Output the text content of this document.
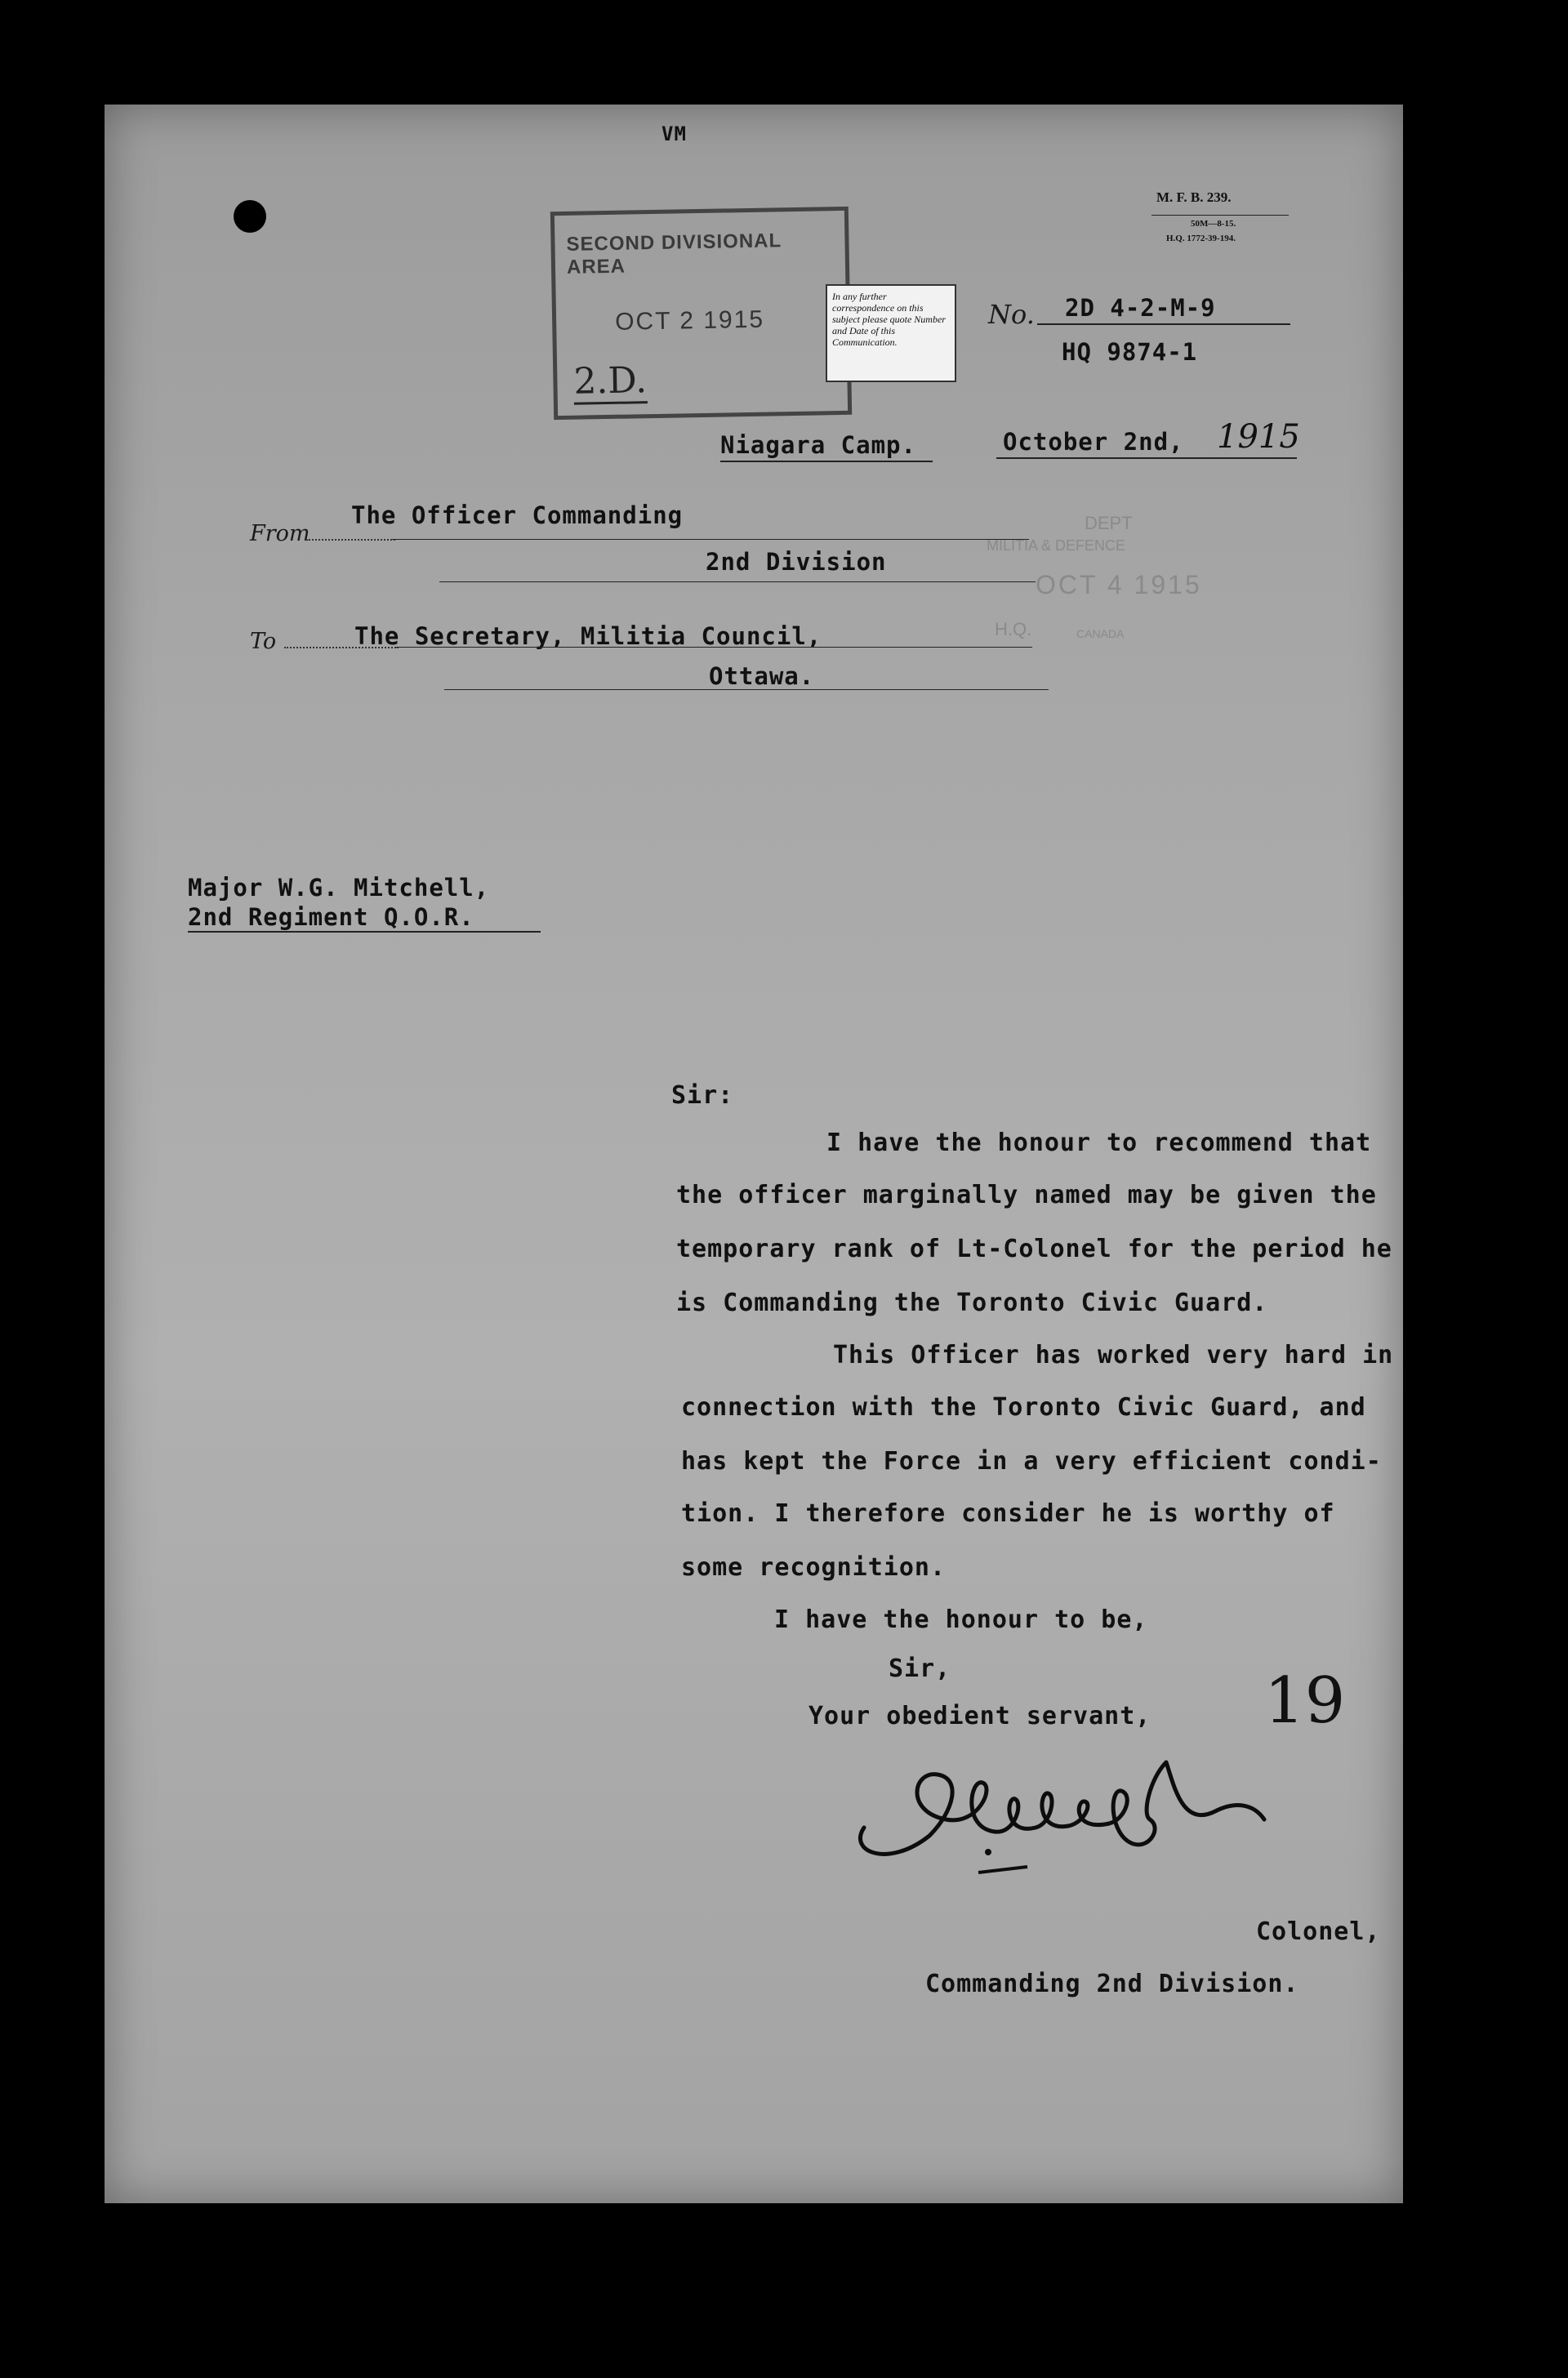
VM
M. F. B. 239.
50M—8-15.
H.Q. 1772-39-194.
SECOND DIVISIONAL AREA
OCT 2 1915
2.D.
In any further correspondence on this subject please quote Number and Date of this Communication.
No. 2D 4-2-M-9
HQ 9874-1
Niagara Camp.	October 2nd, 1915
From
The Officer Commanding
2nd Division
DEPT
MILITIA & DEFENCE
OCT 4 1915
H.Q.	CANADA
To	The Secretary, Militia Council,
Ottawa.
Major W.G. Mitchell,
2nd Regiment Q.O.R.
Sir:
I have the honour to recommend that
the officer marginally named may be given the
temporary rank of Lt-Colonel for the period he
is Commanding the Toronto Civic Guard.
This Officer has worked very hard in
connection with the Toronto Civic Guard, and
has kept the Force in a very efficient condi-
tion. I therefore consider he is worthy of
some recognition.
I have the honour to be,
Sir,
Your obedient servant, 19
Colonel,
Commanding 2nd Division.
